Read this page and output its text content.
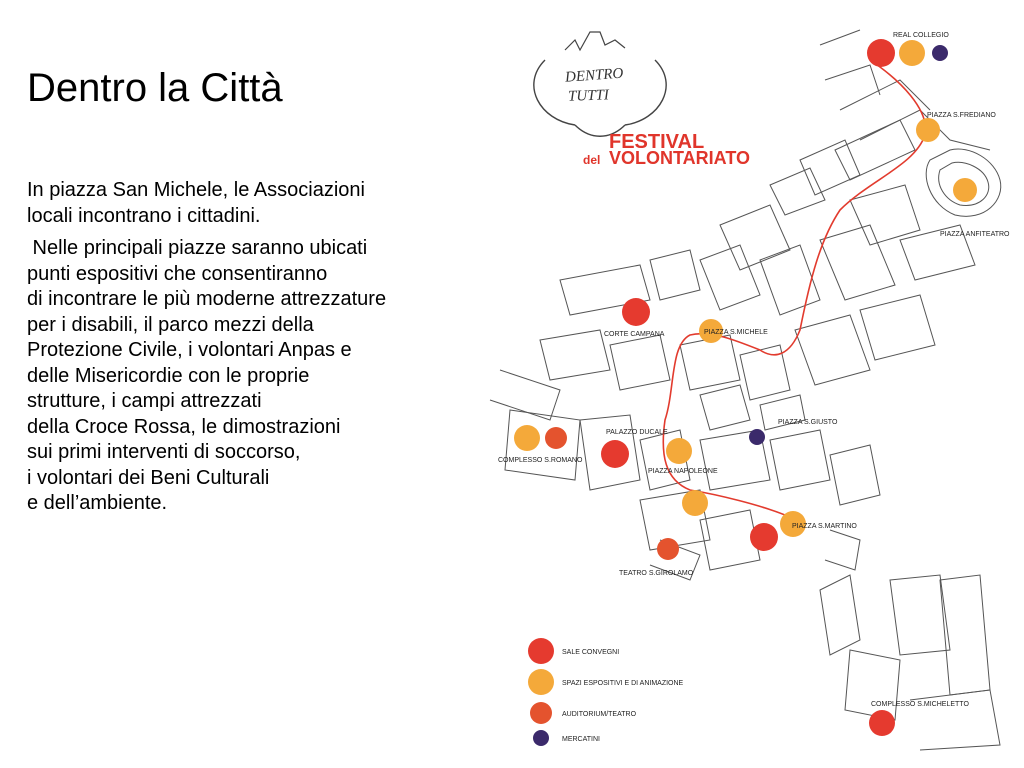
Dentro la Città

In piazza San Michele, le Associazioni
locali incontrano i cittadini.

Nelle principali piazze saranno ubicati
punti espositivi che consentiranno
di incontrare le più moderne attrezzature
per i disabili, il parco mezzi della
Protezione Civile, i volontari Anpas e
delle Misericordie con le proprie
strutture, i campi attrezzati
della Croce Rossa, le dimostrazioni
sui primi interventi di soccorso,
i volontari dei Beni Culturali
e dell’ambiente.

DENTRO
TUTTI
FESTIVAL
del VOLONTARIATO
REAL COLLEGIO
PIAZZA S.FREDIANO
PIAZZA ANFITEATRO
CORTE CAMPANA	PIAZZA S.MICHELE
PIAZZA S.GIUSTO
PALAZZO DUCALE
COMPLESSO S.ROMANO
PIAZZA NAPOLEONE
PIAZZA S.MARTINO
TEATRO S.GIROLAMO
COMPLESSO S.MICHELETTO
SALE CONVEGNI
SPAZI ESPOSITIVI E DI ANIMAZIONE
AUDITORIUM/TEATRO
MERCATINI
